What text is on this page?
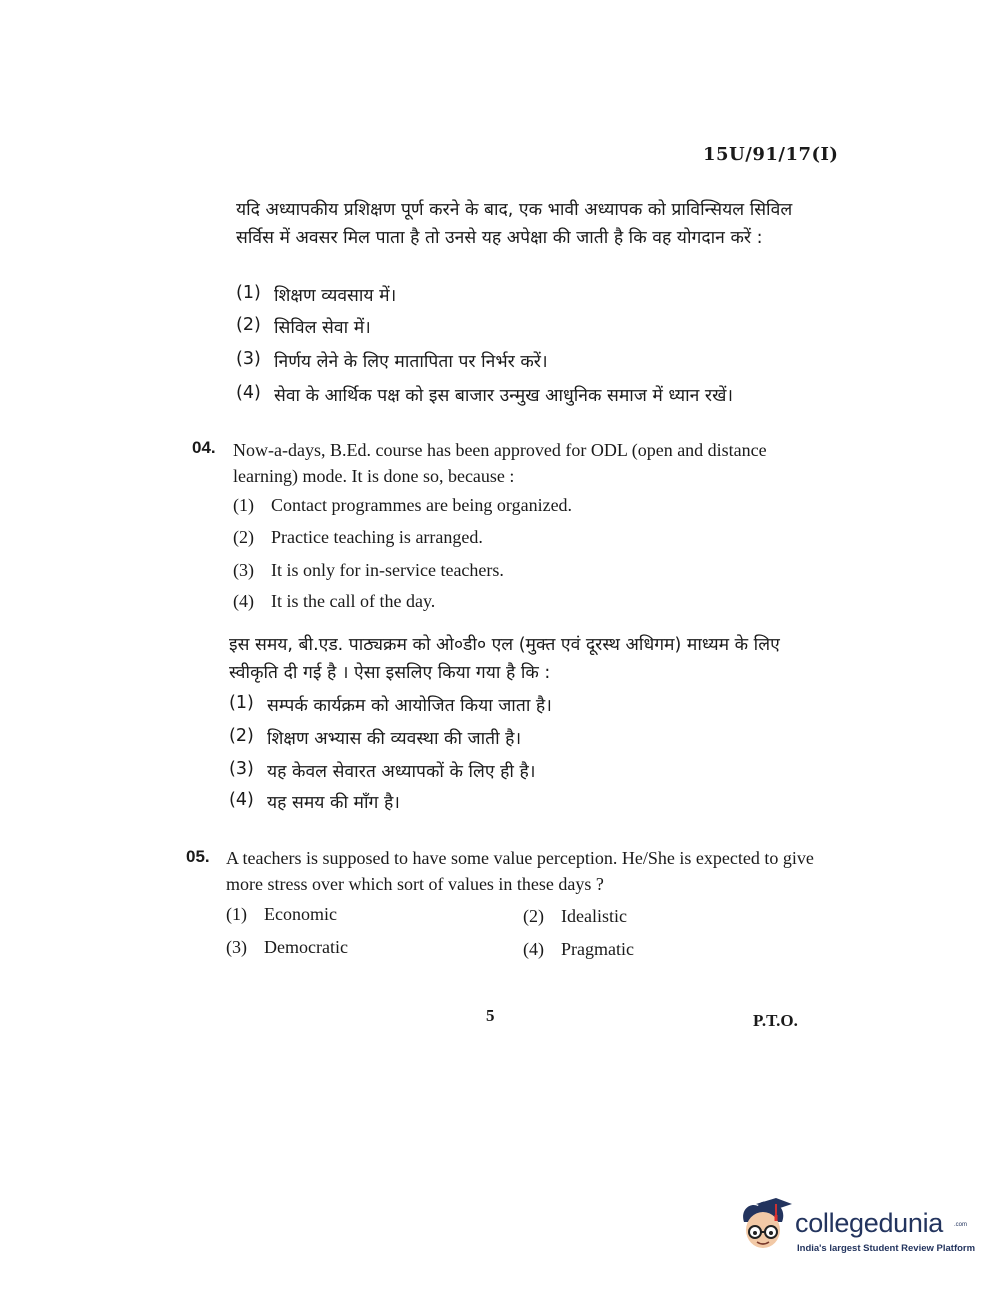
15U/91/17(I)
यदि अध्यापकीय प्रशिक्षण पूर्ण करने के बाद, एक भावी अध्यापक को प्राविन्सियल सिविल सर्विस में अवसर मिल पाता है तो उनसे यह अपेक्षा की जाती है कि वह योगदान करें :
(1) शिक्षण व्यवसाय में।
(2) सिविल सेवा में।
(3) निर्णय लेने के लिए मातापिता पर निर्भर करें।
(4) सेवा के आर्थिक पक्ष को इस बाजार उन्मुख आधुनिक समाज में ध्यान रखें।
04. Now-a-days, B.Ed. course has been approved for ODL (open and distance learning) mode. It is done so, because :
(1) Contact programmes are being organized.
(2) Practice teaching is arranged.
(3) It is only for in-service teachers.
(4) It is the call of the day.
इस समय, बी.एड. पाठ्यक्रम को ओ०डी० एल (मुक्त एवं दूरस्थ अधिगम) माध्यम के लिए स्वीकृति दी गई है । ऐसा इसलिए किया गया है कि :
(1) सम्पर्क कार्यक्रम को आयोजित किया जाता है।
(2) शिक्षण अभ्यास की व्यवस्था की जाती है।
(3) यह केवल सेवारत अध्यापकों के लिए ही है।
(4) यह समय की माँग है।
05. A teachers is supposed to have some value perception. He/She is expected to give more stress over which sort of values in these days ?
(1) Economic	(2) Idealistic
(3) Democratic	(4) Pragmatic
5	P.T.O.
collegedunia .com
India's largest Student Review Platform
